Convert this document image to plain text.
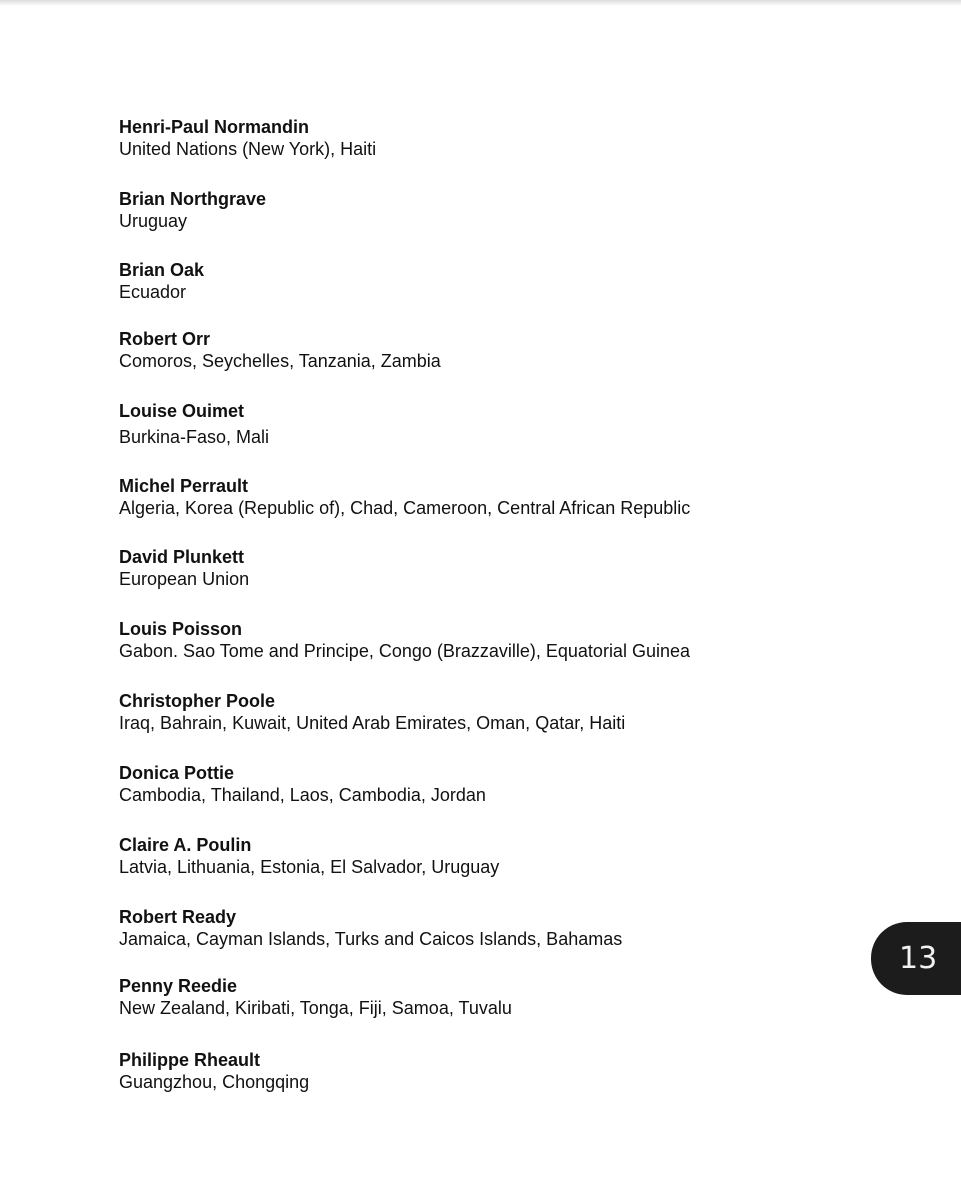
Henri-Paul Normandin
United Nations (New York), Haiti
Brian Northgrave
Uruguay
Brian Oak
Ecuador
Robert Orr
Comoros, Seychelles, Tanzania, Zambia
Louise Ouimet
Burkina-Faso, Mali
Michel Perrault
Algeria, Korea (Republic of), Chad, Cameroon, Central African Republic
David Plunkett
European Union
Louis Poisson
Gabon. Sao Tome and Principe, Congo (Brazzaville), Equatorial Guinea
Christopher Poole
Iraq, Bahrain, Kuwait, United Arab Emirates, Oman, Qatar, Haiti
Donica Pottie
Cambodia, Thailand, Laos, Cambodia, Jordan
Claire A. Poulin
Latvia, Lithuania, Estonia, El Salvador, Uruguay
Robert Ready
Jamaica, Cayman Islands, Turks and Caicos Islands, Bahamas
Penny Reedie
New Zealand, Kiribati, Tonga, Fiji, Samoa, Tuvalu
Philippe Rheault
Guangzhou, Chongqing
13
